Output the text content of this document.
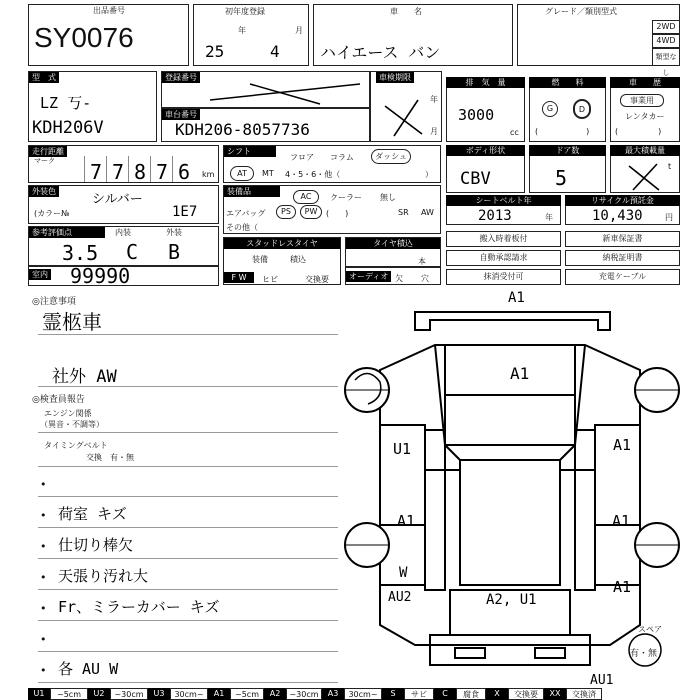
出品番号
SY0076
初年度登録
年	月
25	4
車　　名
ハイエース バン
グレード／類別型式
2WD
4WD
類型なし
型　式
LZ 丂-
KDH206V
登録番号
車台番号
KDH206-8057736
車検期限
年
月
排　気　量
3000
cc
燃　　料
G	D
(　　　　　　)
車　　歴
事業用
レンタカー
(　　　　　)
走行距離
マーク 7 7 8 7 6 km
シフト
フロア コラム	ダッシュ
AT	MT 4・5・6・他（	）
ボディ形状
CBV
ドア数
5
最大積載量
t
外装色
シルバー
(カラー№	1E7
装備品
AC	クーラー 無し
エアバッグ	PS	PW	(　　)	SR AW
その他（
シートベルト年
2013	年
リサイクル預託金
10,430	円
参考評価点	内装	外装
3.5 C B
室内 99990
スタッドレスタイヤ
装備	積込
F W	ヒビ	交換要
タイヤ積込
本
オーディオ 欠 穴
搬入時着板付
自動承認請求
抹消受付可
新車保証書
納税証明書
充電ケーブル
◎注意事項
霊柩車
社外 AW
◎検査員報告
エンジン関係
（異音・不調等）
タイミングベルト
交換　有・無
•
• 荷室 キズ
• 仕切り棒欠
• 天張り汚れ大
• Fr、ミラーカバー キズ
•
• 各 AU W
A1
A1
U1
A1
W
AU2
A1
A1
A1
A2, U1
AU1
スペア
有・無
U1	~5cm	U2	~30cm	U3	30cm~	A1	~5cm	A2	~30cm	A3	30cm~	S	サビ	C	腐食	X	交換要	XX	交換済
